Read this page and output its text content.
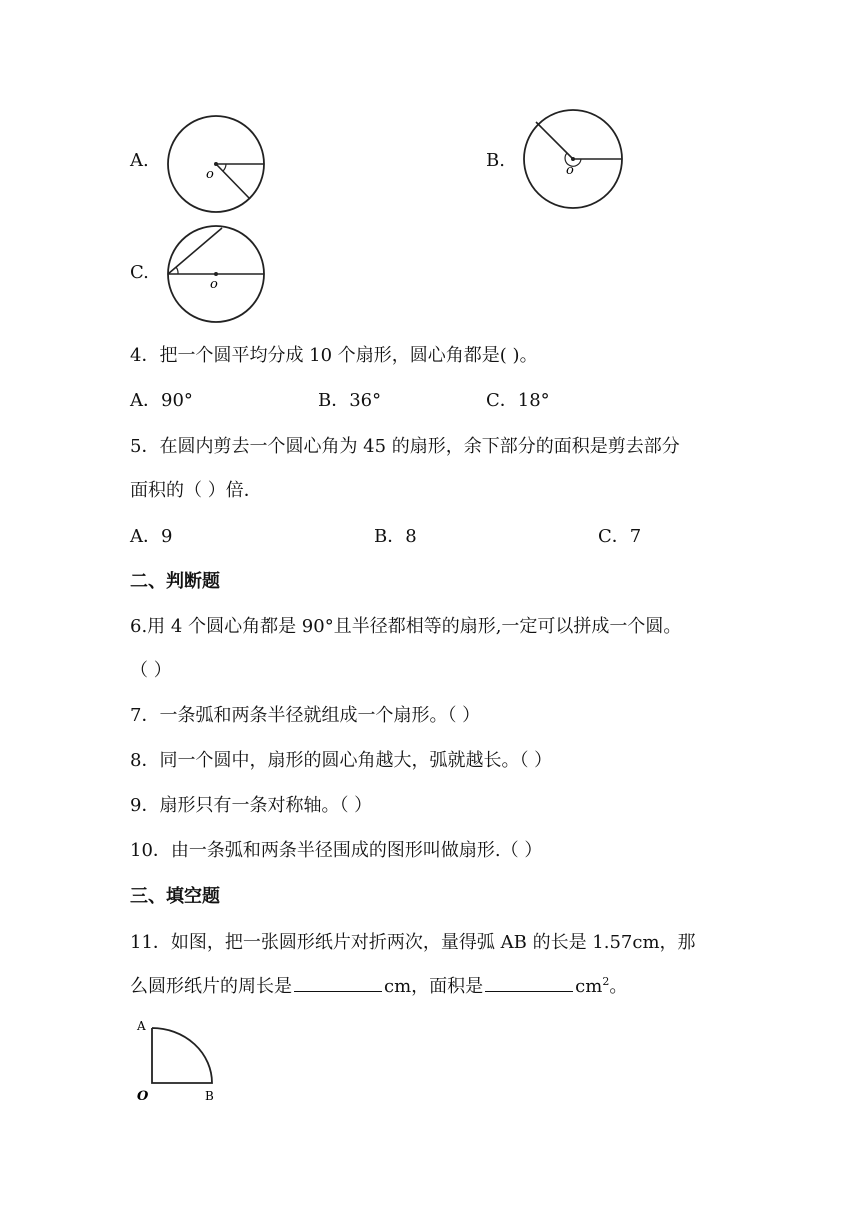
A.
o
B.	o
C.
o
4．把一个圆平均分成 10 个扇形，圆心角都是( )。
A．90°	B．36°	C．18°
5．在圆内剪去一个圆心角为 45 的扇形，余下部分的面积是剪去部分
面积的（ ）倍．
A．9	B．8	C．7
二、判断题
6.用 4 个圆心角都是 90°且半径都相等的扇形,一定可以拼成一个圆。
（ ）
7．一条弧和两条半径就组成一个扇形。（ ）
8．同一个圆中，扇形的圆心角越大，弧就越长。（ ）
9．扇形只有一条对称轴。（ ）
10．由一条弧和两条半径围成的图形叫做扇形.（ ）
三、填空题
11．如图，把一张圆形纸片对折两次，量得弧 AB 的长是 1.57cm，那
么圆形纸片的周长是	cm，面积是	$cm^2$。
A
O	B
